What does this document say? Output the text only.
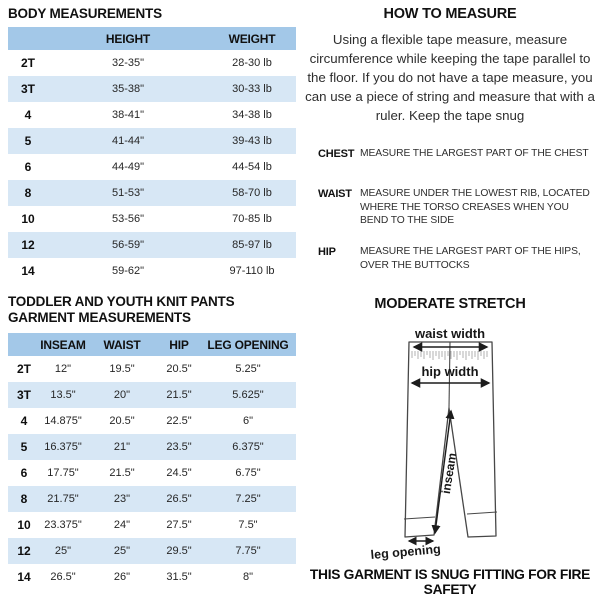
BODY MEASUREMENTS
	HEIGHT	WEIGHT
2T	32-35"	28-30 lb
3T	35-38"	30-33 lb
4	38-41"	34-38 lb
5	41-44"	39-43 lb
6	44-49"	44-54 lb
8	51-53"	58-70 lb
10	53-56"	70-85 lb
12	56-59"	85-97 lb
14	59-62"	97-110 lb
TODDLER AND YOUTH KNIT PANTS
GARMENT MEASUREMENTS
	INSEAM	WAIST	HIP	LEG OPENING
2T	12"	19.5"	20.5"	5.25"
3T	13.5"	20"	21.5"	5.625"
4	14.875"	20.5"	22.5"	6"
5	16.375"	21"	23.5"	6.375"
6	17.75"	21.5"	24.5"	6.75"
8	21.75"	23"	26.5"	7.25"
10	23.375"	24"	27.5"	7.5"
12	25"	25"	29.5"	7.75"
14	26.5"	26"	31.5"	8"
HOW TO MEASURE
Using a flexible tape measure, measure circumference while keeping the tape parallel to the floor. If you do not have a tape measure, you can use a piece of string and measure that with a ruler. Keep the tape snug
CHEST MEASURE THE LARGEST PART OF THE CHEST
WAIST MEASURE UNDER THE LOWEST RIB, LOCATED WHERE THE TORSO CREASES WHEN YOU BEND TO THE SIDE
HIP	MEASURE THE LARGEST PART OF THE HIPS, OVER THE BUTTOCKS
MODERATE STRETCH
waist width
hip width
inseam
leg opening
THIS GARMENT IS SNUG FITTING FOR FIRE SAFETY
